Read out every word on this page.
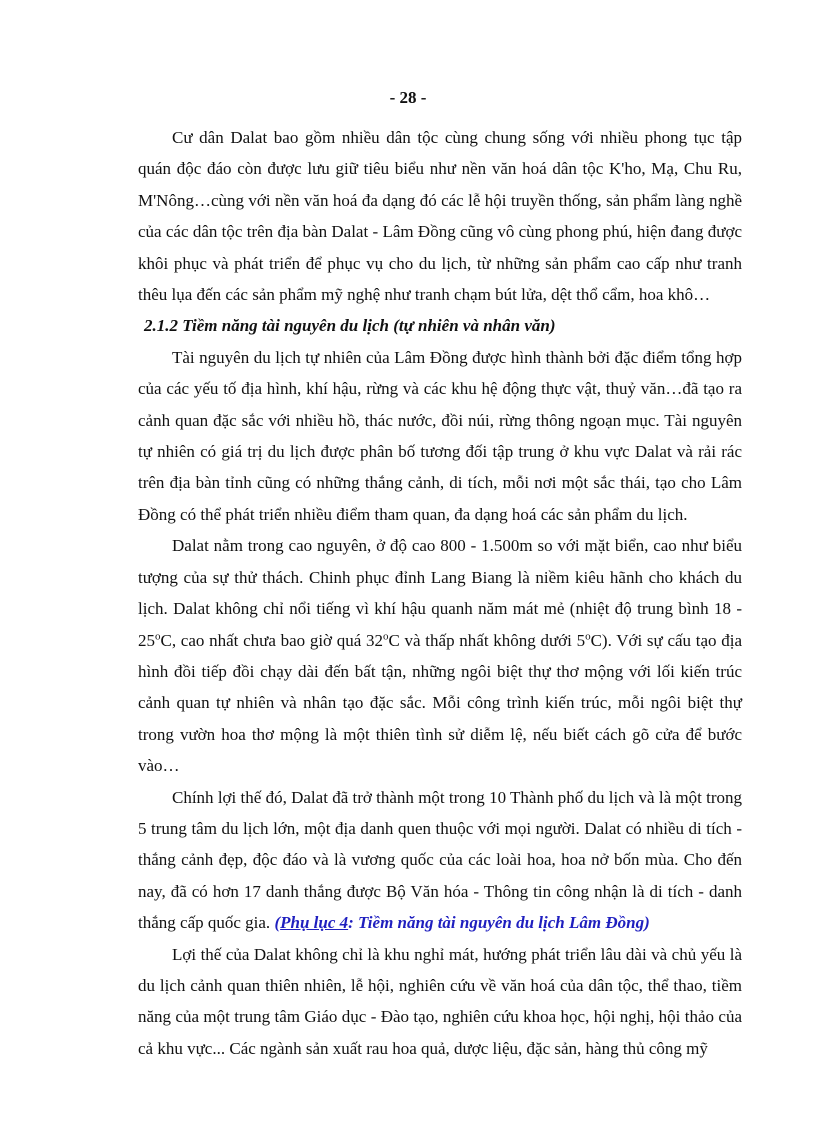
- 28 -

Cư dân Dalat bao gồm nhiều dân tộc cùng chung sống với nhiều phong tục tập quán độc đáo còn được lưu giữ tiêu biểu như nền văn hoá dân tộc K'ho, Mạ, Chu Ru, M'Nông…cùng với nền văn hoá đa dạng đó các lễ hội truyền thống, sản phẩm làng nghề của các dân tộc trên địa bàn Dalat - Lâm Đồng cũng vô cùng phong phú, hiện đang được khôi phục và phát triển để phục vụ cho du lịch, từ những sản phẩm cao cấp như tranh thêu lụa đến các sản phẩm mỹ nghệ như tranh chạm bút lửa, dệt thổ cẩm, hoa khô…

2.1.2 Tiềm năng tài nguyên du lịch (tự nhiên và nhân văn)

Tài nguyên du lịch tự nhiên của Lâm Đồng được hình thành bởi đặc điểm tổng hợp của các yếu tố địa hình, khí hậu, rừng và các khu hệ động thực vật, thuỷ văn…đã tạo ra cảnh quan đặc sắc với nhiều hồ, thác nước, đồi núi, rừng thông ngoạn mục. Tài nguyên tự nhiên có giá trị du lịch được phân bố tương đối tập trung ở khu vực Dalat và rải rác trên địa bàn tỉnh cũng có những thắng cảnh, di tích, mỗi nơi một sắc thái, tạo cho Lâm Đồng có thể phát triển nhiều điểm tham quan, đa dạng hoá các sản phẩm du lịch.

Dalat nằm trong cao nguyên, ở độ cao 800 - 1.500m so với mặt biển, cao như biểu tượng của sự thử thách. Chinh phục đỉnh Lang Biang là niềm kiêu hãnh cho khách du lịch. Dalat không chỉ nổi tiếng vì khí hậu quanh năm mát mẻ (nhiệt độ trung bình 18 - 25$^o$C, cao nhất chưa bao giờ quá 32$^o$C và thấp nhất không dưới 5$^o$C). Với sự cấu tạo địa hình đồi tiếp đồi chạy dài đến bất tận, những ngôi biệt thự thơ mộng với lối kiến trúc cảnh quan tự nhiên và nhân tạo đặc sắc. Mỗi công trình kiến trúc, mỗi ngôi biệt thự trong vườn hoa thơ mộng là một thiên tình sử diễm lệ, nếu biết cách gõ cửa để bước vào…

Chính lợi thế đó, Dalat đã trở thành một trong 10 Thành phố du lịch và là một trong 5 trung tâm du lịch lớn, một địa danh quen thuộc với mọi người. Dalat có nhiều di tích - thắng cảnh đẹp, độc đáo và là vương quốc của các loài hoa, hoa nở bốn mùa. Cho đến nay, đã có hơn 17 danh thắng được Bộ Văn hóa - Thông tin công nhận là di tích - danh thắng cấp quốc gia. (Phụ lục 4: Tiềm năng tài nguyên du lịch Lâm Đồng)

Lợi thế của Dalat không chỉ là khu nghỉ mát, hướng phát triển lâu dài và chủ yếu là du lịch cảnh quan thiên nhiên, lễ hội, nghiên cứu về văn hoá của dân tộc, thể thao, tiềm năng của một trung tâm Giáo dục - Đào tạo, nghiên cứu khoa học, hội nghị, hội thảo của cả khu vực... Các ngành sản xuất rau hoa quả, dược liệu, đặc sản, hàng thủ công mỹ
